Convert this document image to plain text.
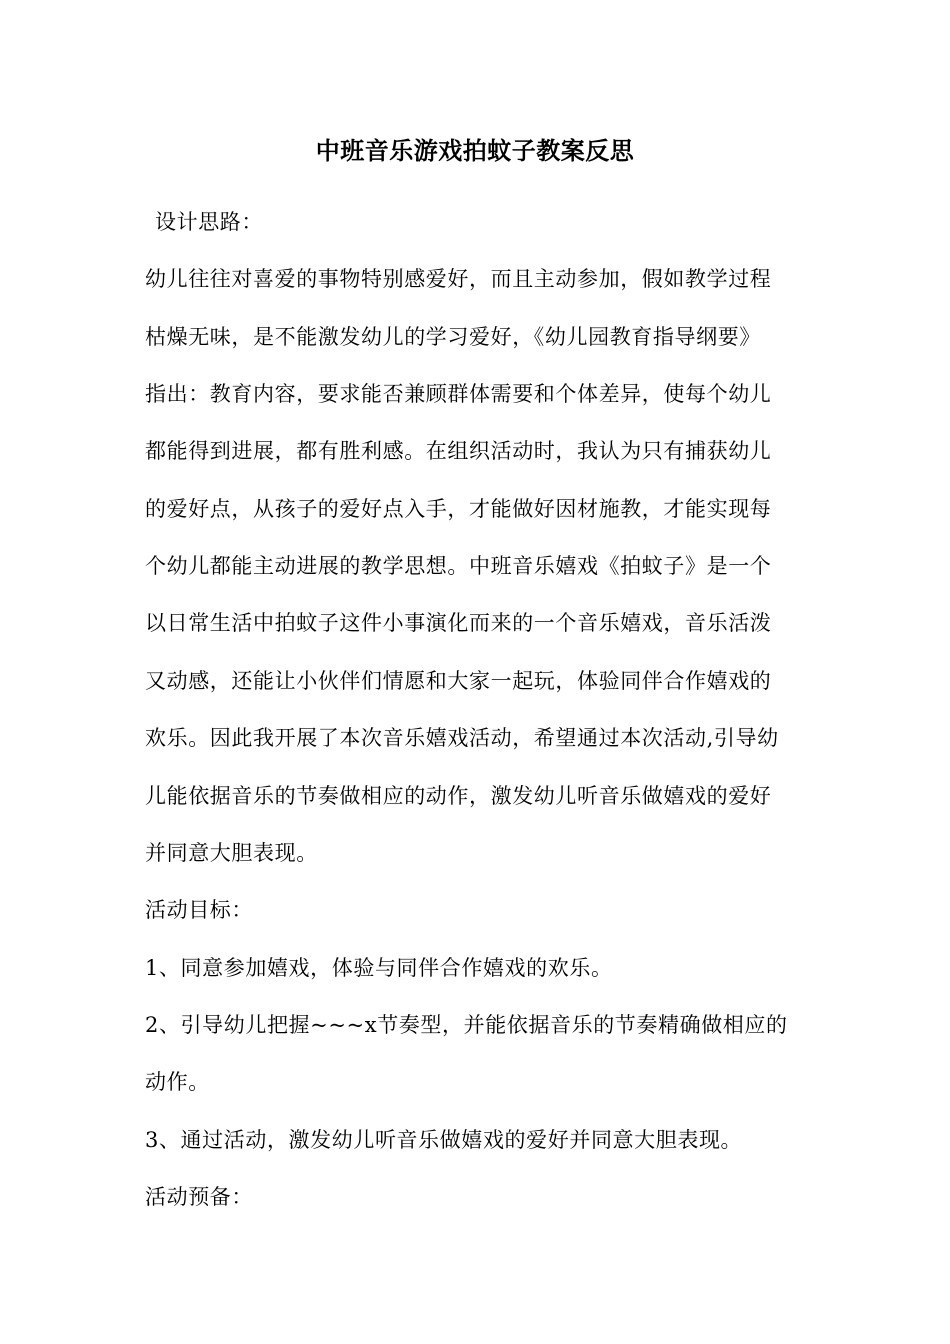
中班音乐游戏拍蚊子教案反思

设计思路：

幼儿往往对喜爱的事物特别感爱好，而且主动参加，假如教学过程

枯燥无味，是不能激发幼儿的学习爱好，《幼儿园教育指导纲要》

指出：教育内容，要求能否兼顾群体需要和个体差异，使每个幼儿

都能得到进展，都有胜利感。在组织活动时，我认为只有捕获幼儿

的爱好点，从孩子的爱好点入手，才能做好因材施教，才能实现每

个幼儿都能主动进展的教学思想。中班音乐嬉戏《拍蚊子》是一个

以日常生活中拍蚊子这件小事演化而来的一个音乐嬉戏，音乐活泼

又动感，还能让小伙伴们情愿和大家一起玩，体验同伴合作嬉戏的

欢乐。因此我开展了本次音乐嬉戏活动，希望通过本次活动,引导幼

儿能依据音乐的节奏做相应的动作，激发幼儿听音乐做嬉戏的爱好

并同意大胆表现。

活动目标：

1、同意参加嬉戏，体验与同伴合作嬉戏的欢乐。

2、引导幼儿把握~~~x节奏型，并能依据音乐的节奏精确做相应的

动作。

3、通过活动，激发幼儿听音乐做嬉戏的爱好并同意大胆表现。

活动预备：
